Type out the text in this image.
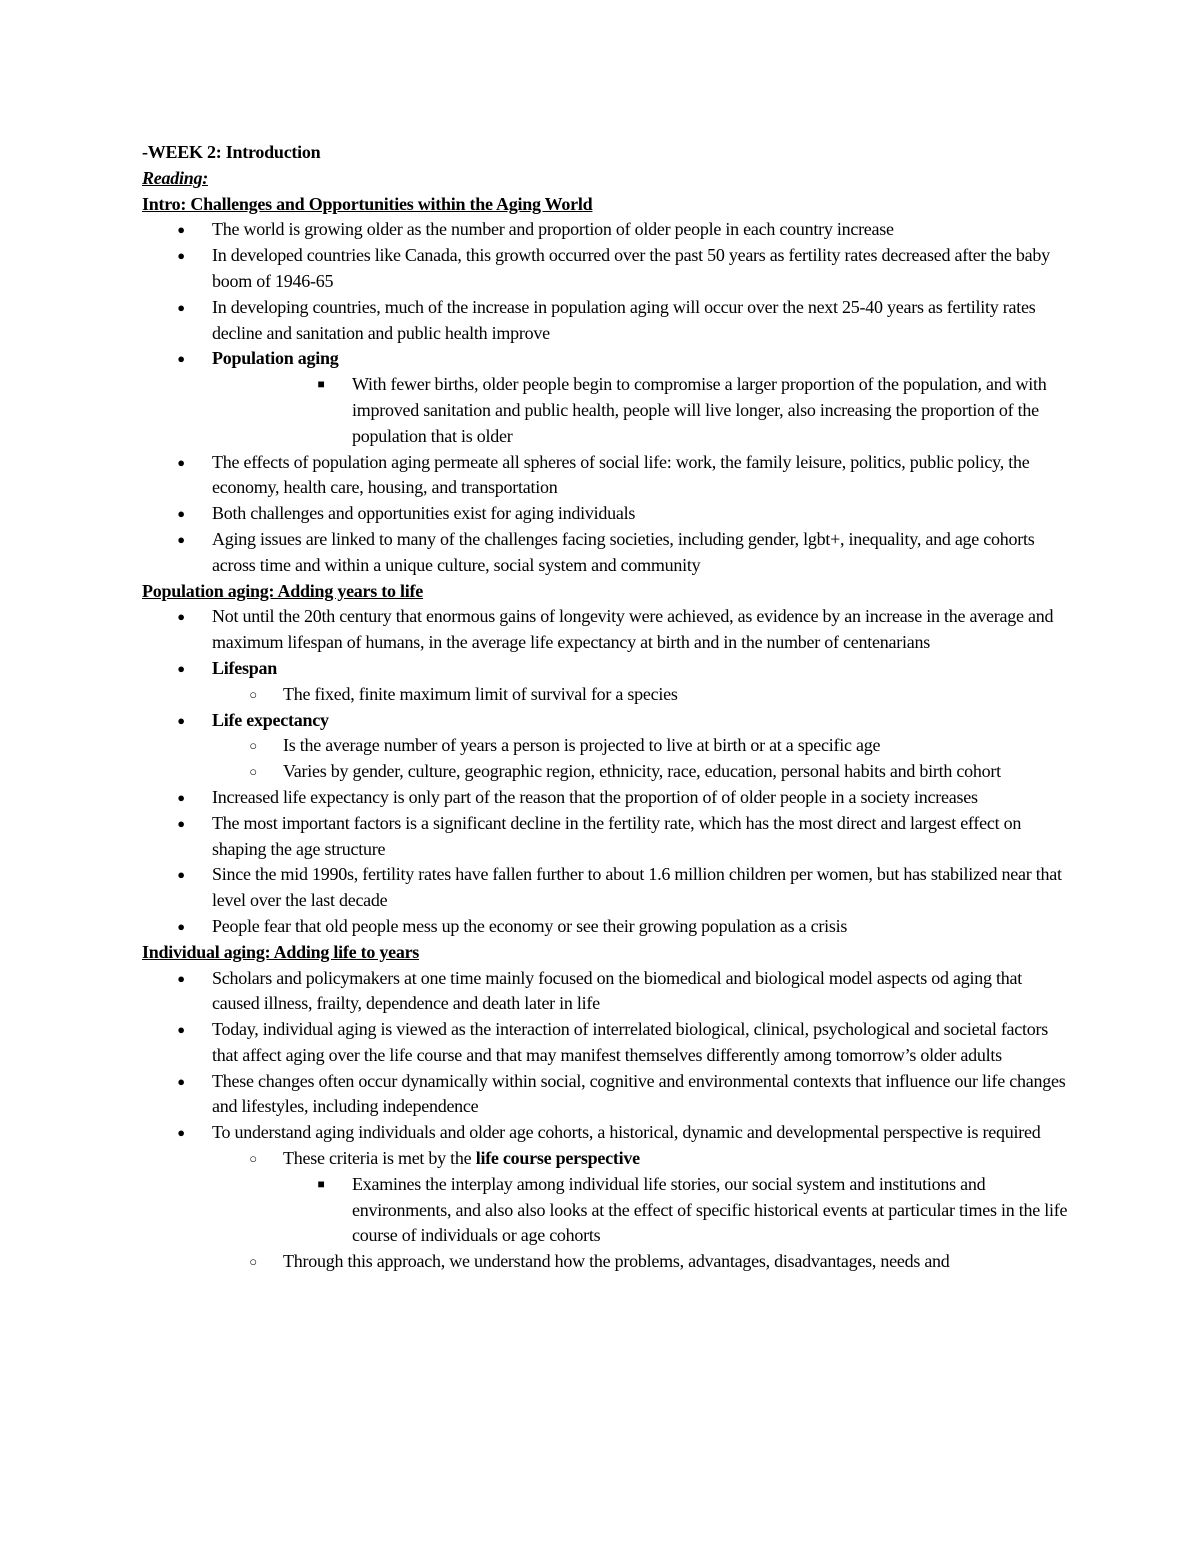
-WEEK 2: Introduction

Reading:

Intro: Challenges and Opportunities within the Aging World

● The world is growing older as the number and proportion of older people in each country increase
● In developed countries like Canada, this growth occurred over the past 50 years as fertility rates decreased after the baby boom of 1946-65
● In developing countries, much of the increase in population aging will occur over the next 25-40 years as fertility rates decline and sanitation and public health improve
● Population aging
■ With fewer births, older people begin to compromise a larger proportion of the population, and with improved sanitation and public health, people will live longer, also increasing the proportion of the population that is older
● The effects of population aging permeate all spheres of social life: work, the family leisure, politics, public policy, the economy, health care, housing, and transportation
● Both challenges and opportunities exist for aging individuals
● Aging issues are linked to many of the challenges facing societies, including gender, lgbt+, inequality, and age cohorts across time and within a unique culture, social system and community

Population aging: Adding years to life

● Not until the 20th century that enormous gains of longevity were achieved, as evidence by an increase in the average and maximum lifespan of humans, in the average life expectancy at birth and in the number of centenarians
● Lifespan
○ The fixed, finite maximum limit of survival for a species
● Life expectancy
○ Is the average number of years a person is projected to live at birth or at a specific age
○ Varies by gender, culture, geographic region, ethnicity, race, education, personal habits and birth cohort
● Increased life expectancy is only part of the reason that the proportion of of older people in a society increases
● The most important factors is a significant decline in the fertility rate, which has the most direct and largest effect on shaping the age structure
● Since the mid 1990s, fertility rates have fallen further to about 1.6 million children per women, but has stabilized near that level over the last decade
● People fear that old people mess up the economy or see their growing population as a crisis

Individual aging: Adding life to years

● Scholars and policymakers at one time mainly focused on the biomedical and biological model aspects od aging that caused illness, frailty, dependence and death later in life
● Today, individual aging is viewed as the interaction of interrelated biological, clinical, psychological and societal factors that affect aging over the life course and that may manifest themselves differently among tomorrow’s older adults
● These changes often occur dynamically within social, cognitive and environmental contexts that influence our life changes and lifestyles, including independence
● To understand aging individuals and older age cohorts, a historical, dynamic and developmental perspective is required
○ These criteria is met by the life course perspective
■ Examines the interplay among individual life stories, our social system and institutions and environments, and also also looks at the effect of specific historical events at particular times in the life course of individuals or age cohorts
○ Through this approach, we understand how the problems, advantages, disadvantages, needs and
